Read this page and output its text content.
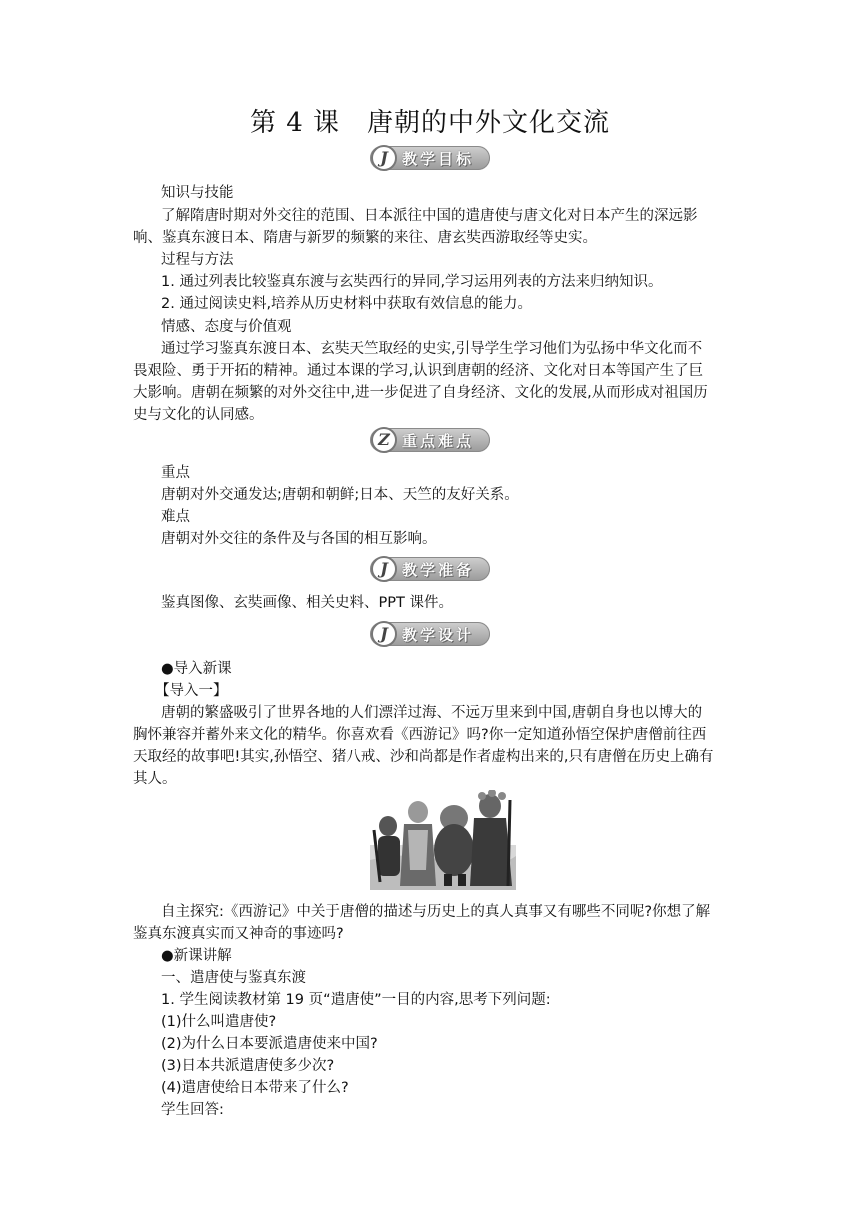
第 4 课　唐朝的中外文化交流
J 教学目标
知识与技能
了解隋唐时期对外交往的范围、日本派往中国的遣唐使与唐文化对日本产生的深远影
响、鉴真东渡日本、隋唐与新罗的频繁的来往、唐玄奘西游取经等史实。
过程与方法
1. 通过列表比较鉴真东渡与玄奘西行的异同,学习运用列表的方法来归纳知识。
2. 通过阅读史料,培养从历史材料中获取有效信息的能力。
情感、态度与价值观
通过学习鉴真东渡日本、玄奘天竺取经的史实,引导学生学习他们为弘扬中华文化而不
畏艰险、勇于开拓的精神。通过本课的学习,认识到唐朝的经济、文化对日本等国产生了巨
大影响。唐朝在频繁的对外交往中,进一步促进了自身经济、文化的发展,从而形成对祖国历
史与文化的认同感。
Z 重点难点
重点
唐朝对外交通发达;唐朝和朝鲜;日本、天竺的友好关系。
难点
唐朝对外交往的条件及与各国的相互影响。
J 教学准备
鉴真图像、玄奘画像、相关史料、PPT 课件。
J 教学设计
●导入新课
【导入一】
唐朝的繁盛吸引了世界各地的人们漂洋过海、不远万里来到中国,唐朝自身也以博大的
胸怀兼容并蓄外来文化的精华。你喜欢看《西游记》吗?你一定知道孙悟空保护唐僧前往西
天取经的故事吧!其实,孙悟空、猪八戒、沙和尚都是作者虚构出来的,只有唐僧在历史上确有
其人。
自主探究:《西游记》中关于唐僧的描述与历史上的真人真事又有哪些不同呢?你想了解
鉴真东渡真实而又神奇的事迹吗?
●新课讲解
一、遣唐使与鉴真东渡
1. 学生阅读教材第 19 页“遣唐使”一目的内容,思考下列问题:
(1)什么叫遣唐使?
(2)为什么日本要派遣唐使来中国?
(3)日本共派遣唐使多少次?
(4)遣唐使给日本带来了什么?
学生回答:
